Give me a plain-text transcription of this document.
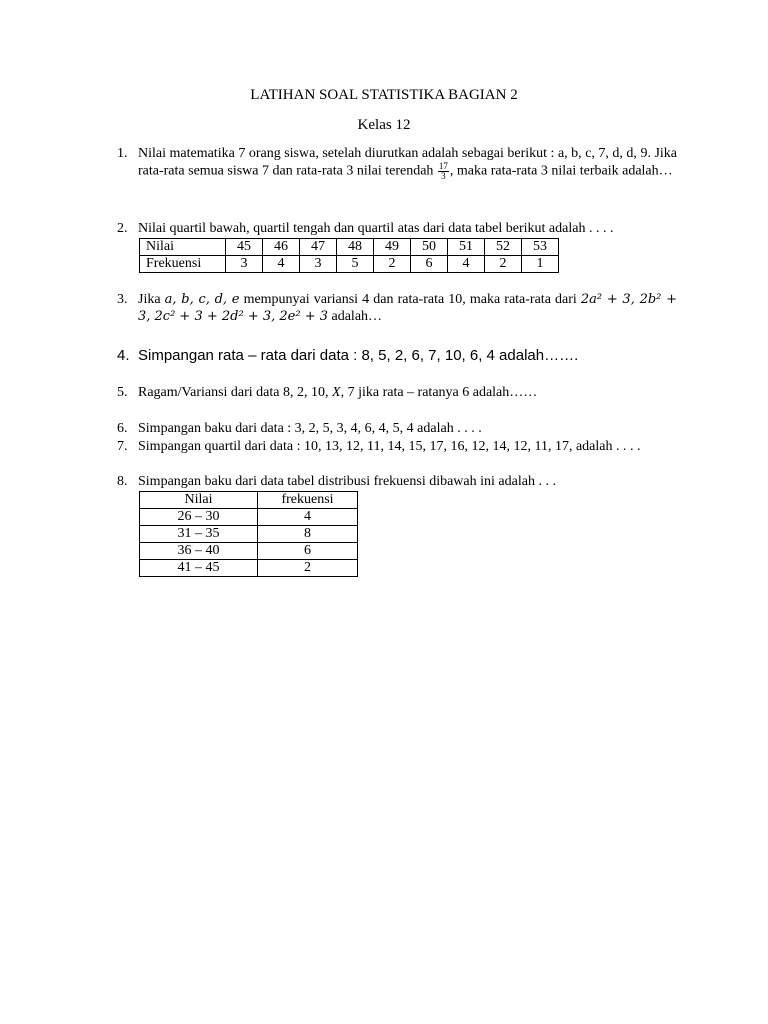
LATIHAN SOAL STATISTIKA BAGIAN 2
Kelas 12
1. Nilai matematika 7 orang siswa, setelah diurutkan adalah sebagai berikut : a, b, c, 7, d, d, 9. Jika rata-rata semua siswa 7 dan rata-rata 3 nilai terendah $\frac{17}{3}$ , maka rata-rata 3 nilai terbaik adalah…
2. Nilai quartil bawah, quartil tengah dan quartil atas dari data tabel berikut adalah . . . .
Nilai	45	46	47	48	49	50	51	52	53
Frekuensi	3	4	3	5	2	6	4	2	1
3. Jika a, b, c, d, e mempunyai variansi 4 dan rata-rata 10, maka rata-rata dari 2a² + 3, 2b² + 3, 2c² + 3 + 2d² + 3, 2e² + 3 adalah…
4. Simpangan rata – rata dari data : 8, 5, 2, 6, 7, 10, 6, 4 adalah…….
5. Ragam/Variansi dari data 8, 2, 10, X, 7 jika rata – ratanya 6 adalah……
6. Simpangan baku dari data : 3, 2, 5, 3, 4, 6, 4, 5, 4 adalah . . . .
7. Simpangan quartil dari data : 10, 13, 12, 11, 14, 15, 17, 16, 12, 14, 12, 11, 17, adalah . . . .
8. Simpangan baku dari data tabel distribusi frekuensi dibawah ini adalah . . .
Nilai	frekuensi
26 – 30	4
31 – 35	8
36 – 40	6
41 – 45	2
